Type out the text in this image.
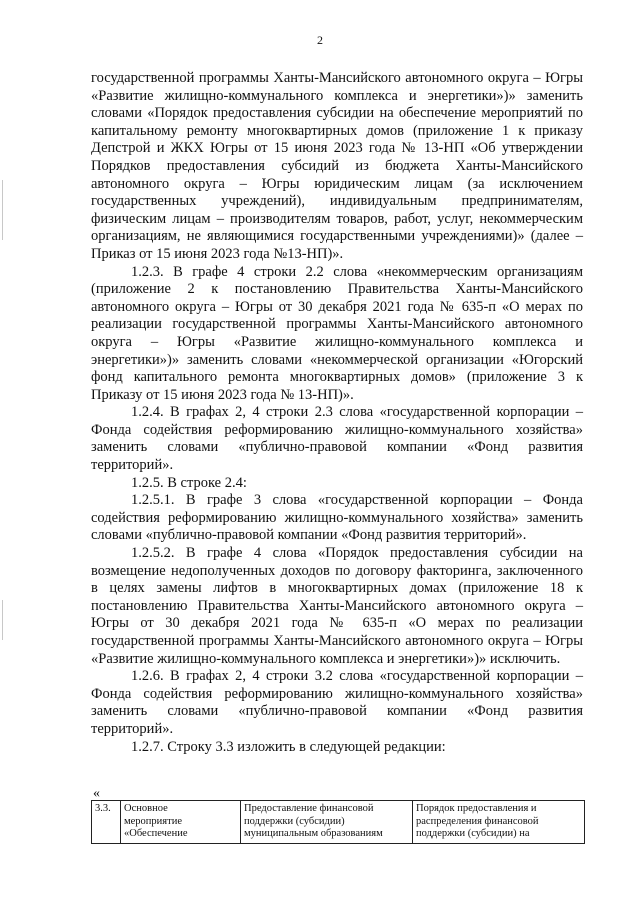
2

государственной программы Ханты-Мансийского автономного округа – Югры «Развитие жилищно-коммунального комплекса и энергетики»)» заменить словами «Порядок предоставления субсидии на обеспечение мероприятий по капитальному ремонту многоквартирных домов (приложение 1 к приказу Депстрой и ЖКХ Югры от 15 июня 2023 года № 13-НП «Об утверждении Порядков предоставления субсидий из бюджета Ханты-Мансийского автономного округа – Югры юридическим лицам (за исключением государственных учреждений), индивидуальным предпринимателям, физическим лицам – производителям товаров, работ, услуг, некоммерческим организациям, не являющимися государственными учреждениями)» (далее – Приказ от 15 июня 2023 года №13-НП)».

1.2.3. В графе 4 строки 2.2 слова «некоммерческим организациям (приложение 2 к постановлению Правительства Ханты-Мансийского автономного округа – Югры от 30 декабря 2021 года № 635-п «О мерах по реализации государственной программы Ханты-Мансийского автономного округа – Югры «Развитие жилищно-коммунального комплекса и энергетики»)» заменить словами «некоммерческой организации «Югорский фонд капитального ремонта многоквартирных домов» (приложение 3 к Приказу от 15 июня 2023 года № 13-НП)».

1.2.4. В графах 2, 4 строки 2.3 слова «государственной корпорации – Фонда содействия реформированию жилищно-коммунального хозяйства» заменить словами «публично-правовой компании «Фонд развития территорий».

1.2.5. В строке 2.4:

1.2.5.1. В графе 3 слова «государственной корпорации – Фонда содействия реформированию жилищно-коммунального хозяйства» заменить словами «публично-правовой компании «Фонд развития территорий».

1.2.5.2. В графе 4 слова «Порядок предоставления субсидии на возмещение недополученных доходов по договору факторинга, заключенного в целях замены лифтов в многоквартирных домах (приложение 18 к постановлению Правительства Ханты-Мансийского автономного округа – Югры от 30 декабря 2021 года № 635-п «О мерах по реализации государственной программы Ханты-Мансийского автономного округа – Югры «Развитие жилищно-коммунального комплекса и энергетики»)» исключить.

1.2.6. В графах 2, 4 строки 3.2 слова «государственной корпорации – Фонда содействия реформированию жилищно-коммунального хозяйства» заменить словами «публично-правовой компании «Фонд развития территорий».

1.2.7. Строку 3.3 изложить в следующей редакции:

«
3.3.	Основное
мероприятие
«Обеспечение

Предоставление финансовой
поддержки (субсидии)
муниципальным образованиям

Порядок предоставления и
распределения финансовой
поддержки (субсидии) на
